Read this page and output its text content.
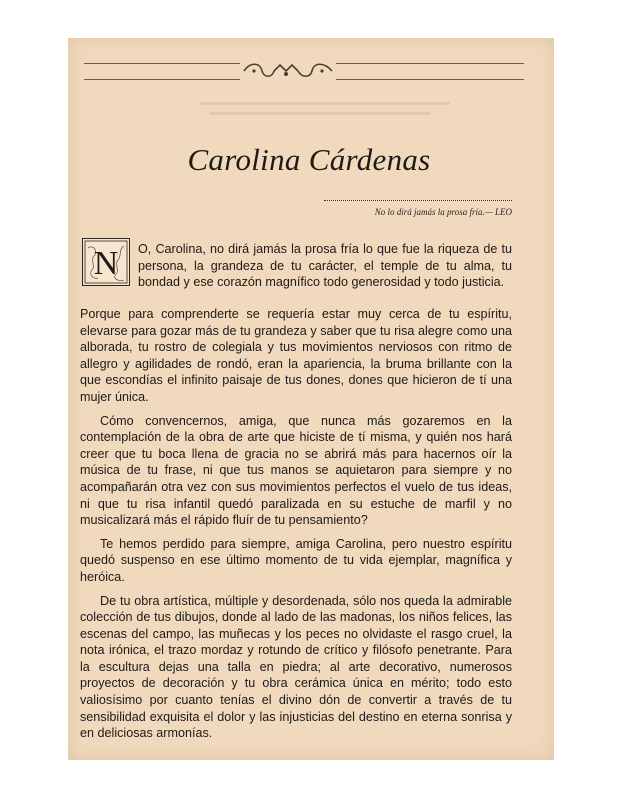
Carolina Cárdenas

No lo dirá jamás la prosa fría.— LEO

N O, Carolina, no dirá jamás la prosa fría lo que fue la riqueza de tu persona, la grandeza de tu carácter, el temple de tu alma, tu bondad y ese corazón magnífico todo generosidad y todo justicia.

Porque para comprenderte se requería estar muy cerca de tu espíritu, elevarse para gozar más de tu grandeza y saber que tu risa alegre como una alborada, tu rostro de colegiala y tus movimientos nerviosos con ritmo de allegro y agilidades de rondó, eran la apariencia, la bruma brillante con la que escondías el infinito paisaje de tus dones, dones que hicieron de tí una mujer única.

Cómo convencernos, amiga, que nunca más gozaremos en la contemplación de la obra de arte que hiciste de tí misma, y quién nos hará creer que tu boca llena de gracia no se abrirá más para hacernos oír la música de tu frase, ni que tus manos se aquietaron para siempre y no acompañarán otra vez con sus movimientos perfectos el vuelo de tus ideas, ni que tu risa infantil quedó paralizada en su estuche de marfil y no musicalizará más el rápido fluír de tu pensamiento?

Te hemos perdido para siempre, amiga Carolina, pero nuestro espíritu quedó suspenso en ese último momento de tu vida ejemplar, magnífica y heróica.

De tu obra artística, múltiple y desordenada, sólo nos queda la admirable colección de tus dibujos, donde al lado de las madonas, los niños felices, las escenas del campo, las muñecas y los peces no olvidaste el rasgo cruel, la nota irónica, el trazo mordaz y rotundo de crítico y filósofo penetrante. Para la escultura dejas una talla en piedra; al arte decorativo, numerosos proyectos de decoración y tu obra cerámica única en mérito; todo esto valiosísimo por cuanto tenías el divino dón de convertir a través de tu sensibilidad exquisita el dolor y las injusticias del destino en eterna sonrisa y en deliciosas armonías.
